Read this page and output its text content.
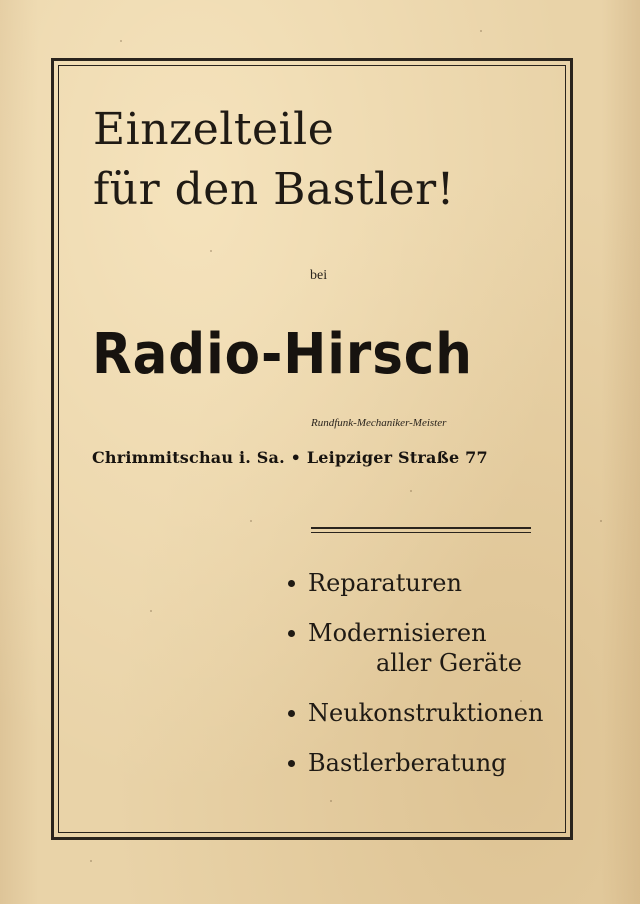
Einzelteile
für den Bastler!
bei
Radio-Hirsch
Rundfunk-Mechaniker-Meister
Chrimmitschau i. Sa. • Leipziger Straße 77
Reparaturen
Modernisieren
aller Geräte
Neukonstruktionen
Bastlerberatung
